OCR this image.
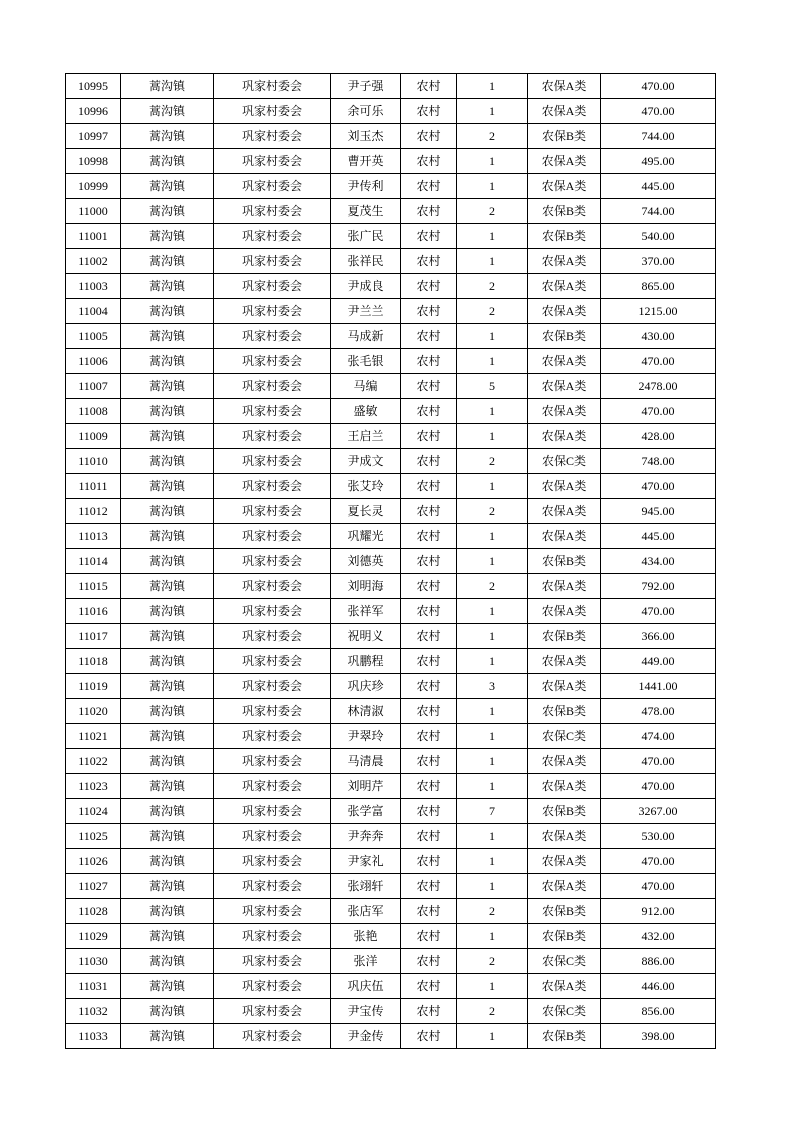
10995	蒿沟镇	巩家村委会	尹子强	农村	1	农保A类	470.00
10996	蒿沟镇	巩家村委会	余可乐	农村	1	农保A类	470.00
10997	蒿沟镇	巩家村委会	刘玉杰	农村	2	农保B类	744.00
10998	蒿沟镇	巩家村委会	曹开英	农村	1	农保A类	495.00
10999	蒿沟镇	巩家村委会	尹传利	农村	1	农保A类	445.00
11000	蒿沟镇	巩家村委会	夏茂生	农村	2	农保B类	744.00
11001	蒿沟镇	巩家村委会	张广民	农村	1	农保B类	540.00
11002	蒿沟镇	巩家村委会	张祥民	农村	1	农保A类	370.00
11003	蒿沟镇	巩家村委会	尹成良	农村	2	农保A类	865.00
11004	蒿沟镇	巩家村委会	尹兰兰	农村	2	农保A类	1215.00
11005	蒿沟镇	巩家村委会	马成新	农村	1	农保B类	430.00
11006	蒿沟镇	巩家村委会	张毛银	农村	1	农保A类	470.00
11007	蒿沟镇	巩家村委会	马编	农村	5	农保A类	2478.00
11008	蒿沟镇	巩家村委会	盛敏	农村	1	农保A类	470.00
11009	蒿沟镇	巩家村委会	王启兰	农村	1	农保A类	428.00
11010	蒿沟镇	巩家村委会	尹成文	农村	2	农保C类	748.00
11011	蒿沟镇	巩家村委会	张艾玲	农村	1	农保A类	470.00
11012	蒿沟镇	巩家村委会	夏长灵	农村	2	农保A类	945.00
11013	蒿沟镇	巩家村委会	巩耀光	农村	1	农保A类	445.00
11014	蒿沟镇	巩家村委会	刘德英	农村	1	农保B类	434.00
11015	蒿沟镇	巩家村委会	刘明海	农村	2	农保A类	792.00
11016	蒿沟镇	巩家村委会	张祥军	农村	1	农保A类	470.00
11017	蒿沟镇	巩家村委会	祝明义	农村	1	农保B类	366.00
11018	蒿沟镇	巩家村委会	巩鹏程	农村	1	农保A类	449.00
11019	蒿沟镇	巩家村委会	巩庆珍	农村	3	农保A类	1441.00
11020	蒿沟镇	巩家村委会	林清淑	农村	1	农保B类	478.00
11021	蒿沟镇	巩家村委会	尹翠玲	农村	1	农保C类	474.00
11022	蒿沟镇	巩家村委会	马清晨	农村	1	农保A类	470.00
11023	蒿沟镇	巩家村委会	刘明芹	农村	1	农保A类	470.00
11024	蒿沟镇	巩家村委会	张学富	农村	7	农保B类	3267.00
11025	蒿沟镇	巩家村委会	尹奔奔	农村	1	农保A类	530.00
11026	蒿沟镇	巩家村委会	尹家礼	农村	1	农保A类	470.00
11027	蒿沟镇	巩家村委会	张翊轩	农村	1	农保A类	470.00
11028	蒿沟镇	巩家村委会	张店军	农村	2	农保B类	912.00
11029	蒿沟镇	巩家村委会	张艳	农村	1	农保B类	432.00
11030	蒿沟镇	巩家村委会	张洋	农村	2	农保C类	886.00
11031	蒿沟镇	巩家村委会	巩庆伍	农村	1	农保A类	446.00
11032	蒿沟镇	巩家村委会	尹宝传	农村	2	农保C类	856.00
11033	蒿沟镇	巩家村委会	尹金传	农村	1	农保B类	398.00
